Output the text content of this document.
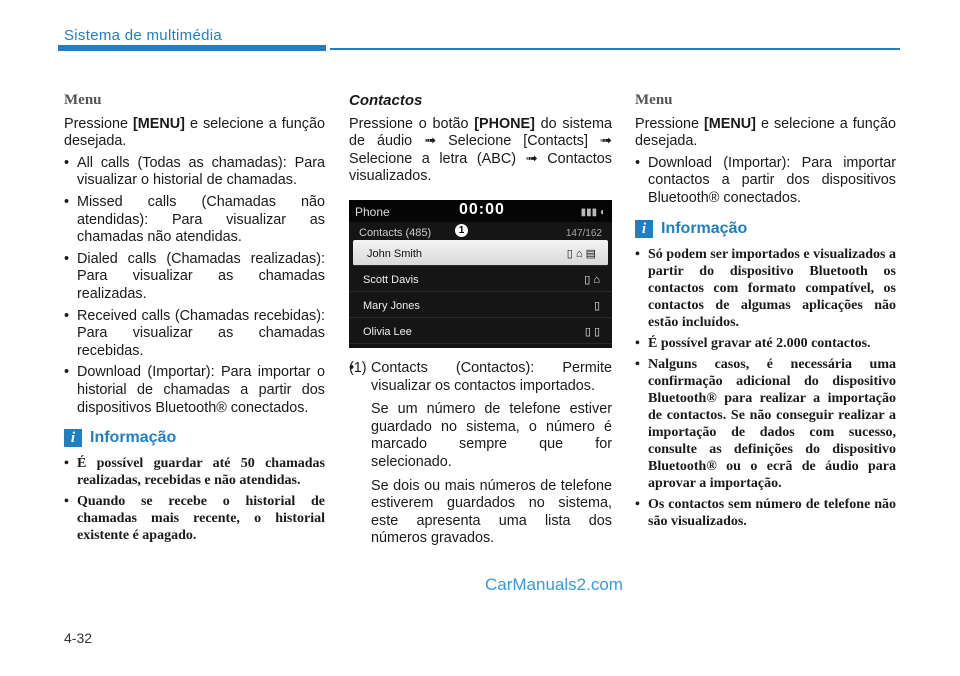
Sistema de multimédia
Menu

Pressione [MENU] e selecione a função desejada.

• All calls (Todas as chamadas): Para visualizar o historial de chamadas.
• Missed calls (Chamadas não atendidas): Para visualizar as chamadas não atendidas.
• Dialed calls (Chamadas realizadas): Para visualizar as chamadas realizadas.
• Received calls (Chamadas recebidas): Para visualizar as chamadas recebidas.
• Download (Importar): Para importar o historial de chamadas a partir dos dispositivos Bluetooth® conectados.
i Informação
• É possível guardar até 50 chamadas realizadas, recebidas e não atendidas.
• Quando se recebe o historial de chamadas mais recente, o historial existente é apagado.
Contactos

Pressione o botão [PHONE] do sistema de áudio ➟ Selecione [Contacts] ➟ Selecione a letra (ABC) ➟ Contactos visualizados.

Phone	00:00	▮▮▮ ◐
Contacts (485)	1	147/162
John Smith	▯ ⌂ ▤
Scott Davis	▯ ⌂
Mary Jones	▯
Olivia Lee	▯ ▯
• (1) Contacts (Contactos): Permite visualizar os contactos importados.

Se um número de telefone estiver guardado no sistema, o número é marcado sempre que for selecionado.

Se dois ou mais números de telefone estiverem guardados no sistema, este apresenta uma lista dos números gravados.

Menu

Pressione [MENU] e selecione a função desejada.

• Download (Importar): Para importar contactos a partir dos dispositivos Bluetooth® conectados.
i Informação
• Só podem ser importados e visualizados a partir do dispositivo Bluetooth os contactos com formato compatível, os contactos de algumas aplicações não estão incluídos.
• É possível gravar até 2.000 contactos.
• Nalguns casos, é necessária uma confirmação adicional do dispositivo Bluetooth® para realizar a importação de contactos. Se não conseguir realizar a importação de dados com sucesso, consulte as definições do dispositivo Bluetooth® ou o ecrã de áudio para aprovar a importação.
• Os contactos sem número de telefone não são visualizados.
CarManuals2.com
4-32
